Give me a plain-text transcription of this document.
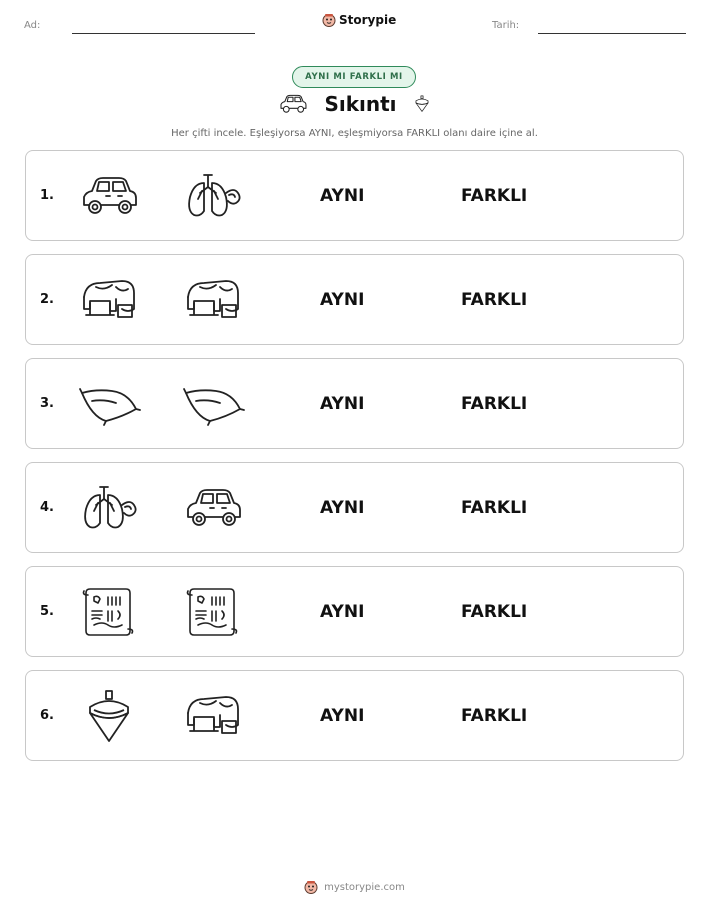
Ad:	Storypie	Tarih:
AYNI MI FARKLI MI
Sıkıntı
Her çifti incele. Eşleşiyorsa AYNI, eşleşmiyorsa FARKLI olanı daire içine al.
1.	AYNI	FARKLI
2.	AYNI	FARKLI
3.	AYNI	FARKLI
4.	AYNI	FARKLI
5.	AYNI	FARKLI
6.	AYNI	FARKLI
mystorypie.com
